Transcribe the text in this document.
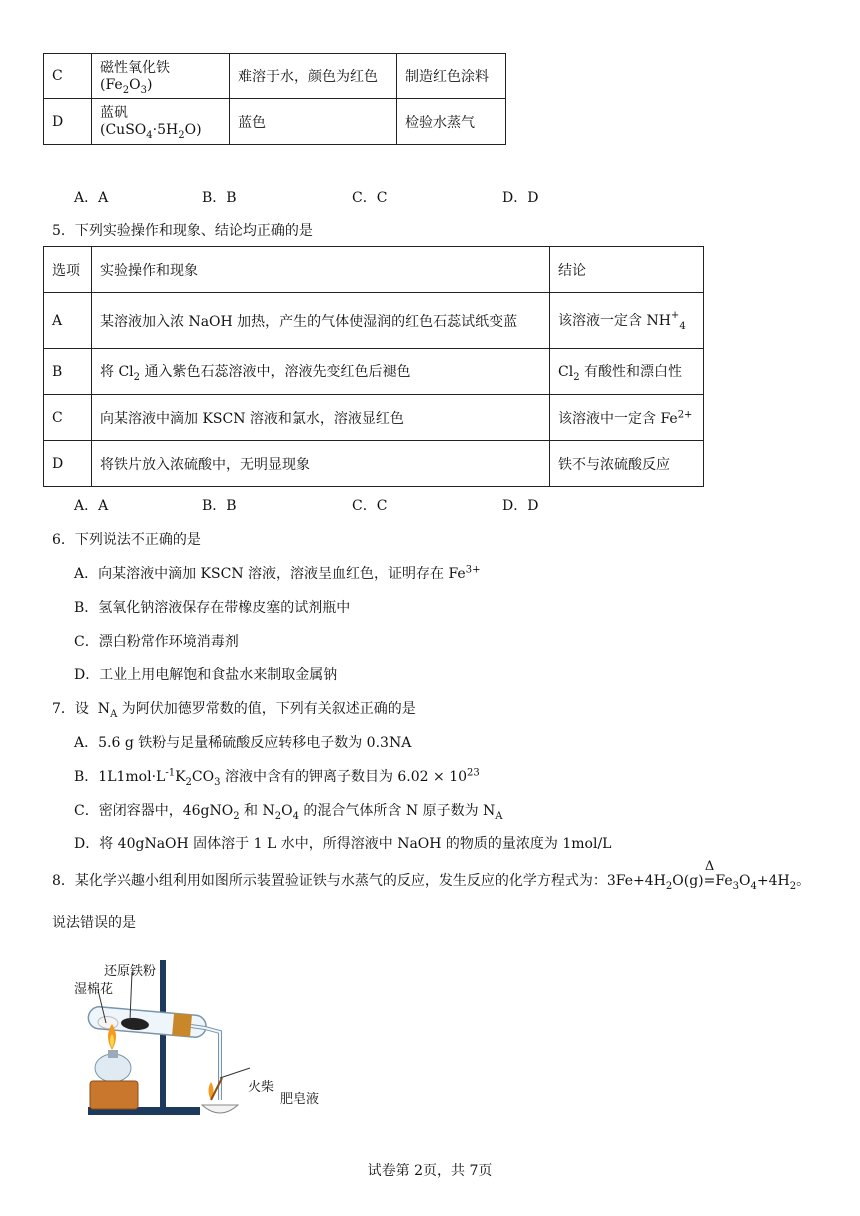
C	磁性氧化铁$(Fe_2O_3)$	难溶于水，颜色为红色	制造红色涂料
D	蓝矾$(CuSO_4\cdot 5H_2O)$	蓝色	检验水蒸气
A．A	B．B	C．C	D．D
5．下列实验操作和现象、结论均正确的是
选项	实验操作和现象	结论
A	某溶液加入浓 NaOH 加热，产生的气体使湿润的红色石蕊试纸变蓝	该溶液一定含 $NH_{+4}$
B	将 $Cl_2$ 通入紫色石蕊溶液中，溶液先变红色后褪色	$Cl_2$ 有酸性和漂白性
C	向某溶液中滴加 KSCN 溶液和氯水，溶液显红色	该溶液中一定含 $Fe^{2+}$
D	将铁片放入浓硫酸中，无明显现象	铁不与浓硫酸反应
A．A	B．B	C．C	D．D
6．下列说法不正确的是
A．向某溶液中滴加 KSCN 溶液，溶液呈血红色，证明存在 $Fe^{3+}$
B．氢氧化钠溶液保存在带橡皮塞的试剂瓶中
C．漂白粉常作环境消毒剂
D．工业上用电解饱和食盐水来制取金属钠
7．设  $N_A$ 为阿伏加德罗常数的值，下列有关叙述正确的是
A．5.6 g 铁粉与足量稀硫酸反应转移电子数为 0.3NA
B．$1L1mol\cdot L^{-1}K_2CO_3$ 溶液中含有的钾离子数目为 $6.02 \times 10^{23}$
C．密闭容器中，46gNO$_2$ 和 $N_2O_4$ 的混合气体所含 N 原子数为 $N_A$
D．将 40gNaOH 固体溶于 1 L 水中，所得溶液中 NaOH 的物质的量浓度为 1mol/L
8．某化学兴趣小组利用如图所示装置验证铁与水蒸气的反应，发生反应的化学方程式为：$3Fe+4H_2O(g)$
Δ
$=Fe_3O_4+4H_2$。
说法错误的是
还原铁粉
湿棉花
火柴
肥皂液
试卷第 2页，共 7页
